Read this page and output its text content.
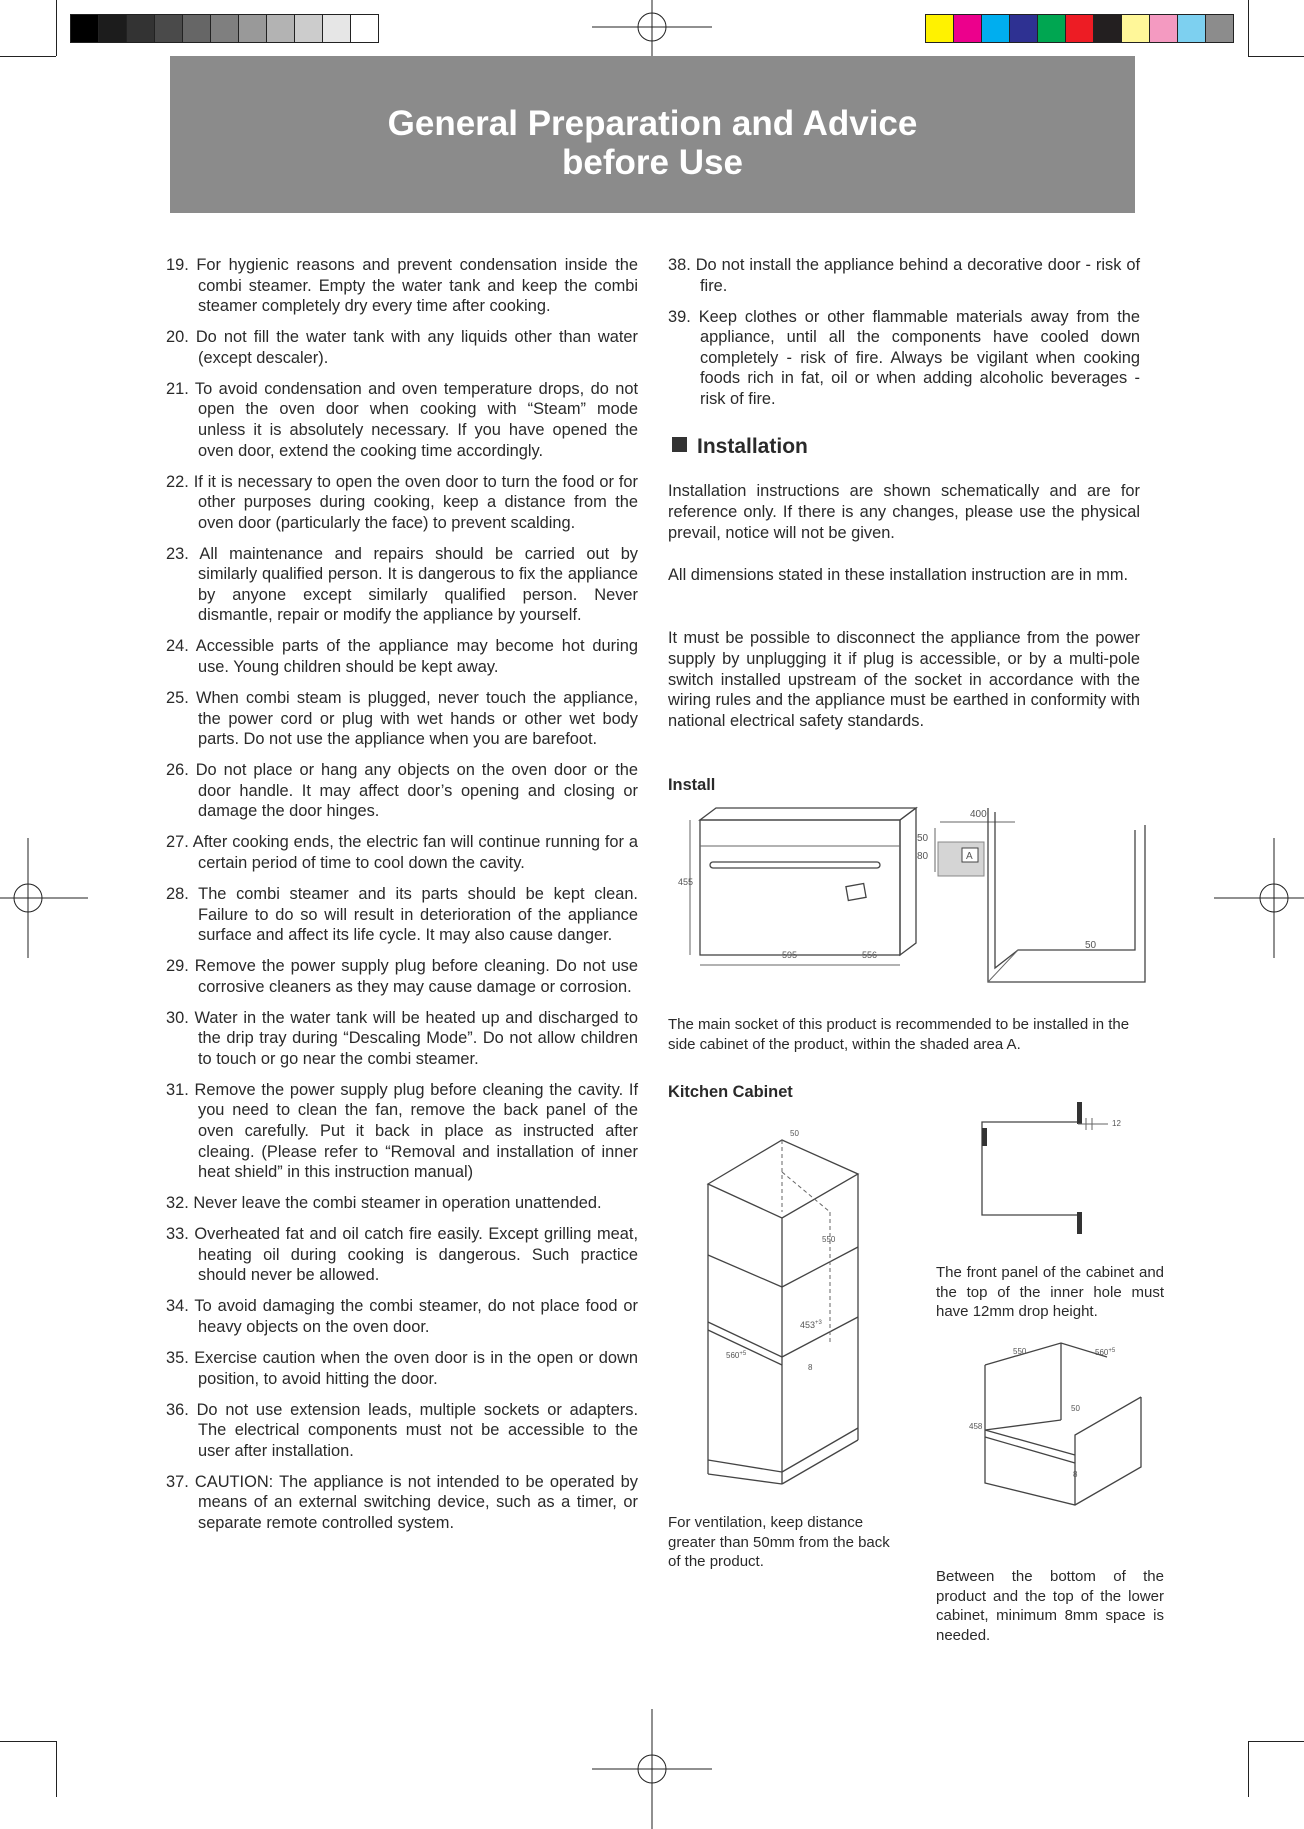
General Preparation and Advice
before Use

19. For hygienic reasons and prevent condensation inside the combi steamer. Empty the water tank and keep the combi steamer completely dry every time after cooking.

20. Do not fill the water tank with any liquids other than water (except descaler).

21. To avoid condensation and oven temperature drops, do not open the oven door when cooking with “Steam” mode unless it is absolutely necessary. If you have opened the oven door, extend the cooking time accordingly.

22. If it is necessary to open the oven door to turn the food or for other purposes during cooking, keep a distance from the oven door (particularly the face) to prevent scalding.

23. All maintenance and repairs should be carried out by similarly qualified person. It is dangerous to fix the appliance by anyone except similarly qualified person. Never dismantle, repair or modify the appliance by yourself.

24. Accessible parts of the appliance may become hot during use. Young children should be kept away.

25. When combi steam is plugged, never touch the appliance, the power cord or plug with wet hands or other wet body parts. Do not use the appliance when you are barefoot.

26. Do not place or hang any objects on the oven door or the door handle. It may affect door’s opening and closing or damage the door hinges.

27. After cooking ends, the electric fan will continue running for a certain period of time to cool down the cavity.

28. The combi steamer and its parts should be kept clean. Failure to do so will result in deterioration of the appliance surface and affect its life cycle. It may also cause danger.

29. Remove the power supply plug before cleaning. Do not use corrosive cleaners as they may cause damage or corrosion.

30. Water in the water tank will be heated up and discharged to the drip tray during “Descaling Mode”. Do not allow children to touch or go near the combi steamer.

31. Remove the power supply plug before cleaning the cavity. If you need to clean the fan, remove the back panel of the oven carefully. Put it back in place as instructed after cleaing. (Please refer to “Removal and installation of inner heat shield” in this instruction manual)

32. Never leave the combi steamer in operation unattended.

33. Overheated fat and oil catch fire easily. Except grilling meat, heating oil during cooking is dangerous. Such practice should never be allowed.

34. To avoid damaging the combi steamer, do not place food or heavy objects on the oven door.

35. Exercise caution when the oven door is in the open or down position, to avoid hitting the door.

36. Do not use extension leads, multiple sockets or adapters. The electrical components must not be accessible to the user after installation.

37. CAUTION: The appliance is not intended to be operated by means of an external switching device, such as a timer, or separate remote controlled system.

38. Do not install the appliance behind a decorative door - risk of fire.

39. Keep clothes or other flammable materials away from the appliance, until all the components have cooled down completely - risk of fire. Always be vigilant when cooking foods rich in fat, oil or when adding alcoholic beverages - risk of fire.

Installation

Installation instructions are shown schematically and are for reference only. If there is any changes, please use the physical prevail, notice will not be given.

All dimensions stated in these installation instruction are in mm.

It must be possible to disconnect the appliance from the power supply by unplugging it if plug is accessible, or by a multi-pole switch installed upstream of the socket in accordance with the wiring rules and the appliance must be earthed in conformity with national electrical safety standards.

Install
455
595	556
400
50
80	A
50

The main socket of this product is recommended to be installed in the side cabinet of the product, within the shaded area A.

Kitchen Cabinet
50
550
$453^{+3}$
$560^{+5}$
8

For ventilation, keep distance greater than 50mm from the back of the product.

12

The front panel of the cabinet and the top of the inner hole must have 12mm drop height.

550	$560^{+5}$
50
458
8

Between the bottom of the product and the top of the lower cabinet, minimum 8mm space is needed.
